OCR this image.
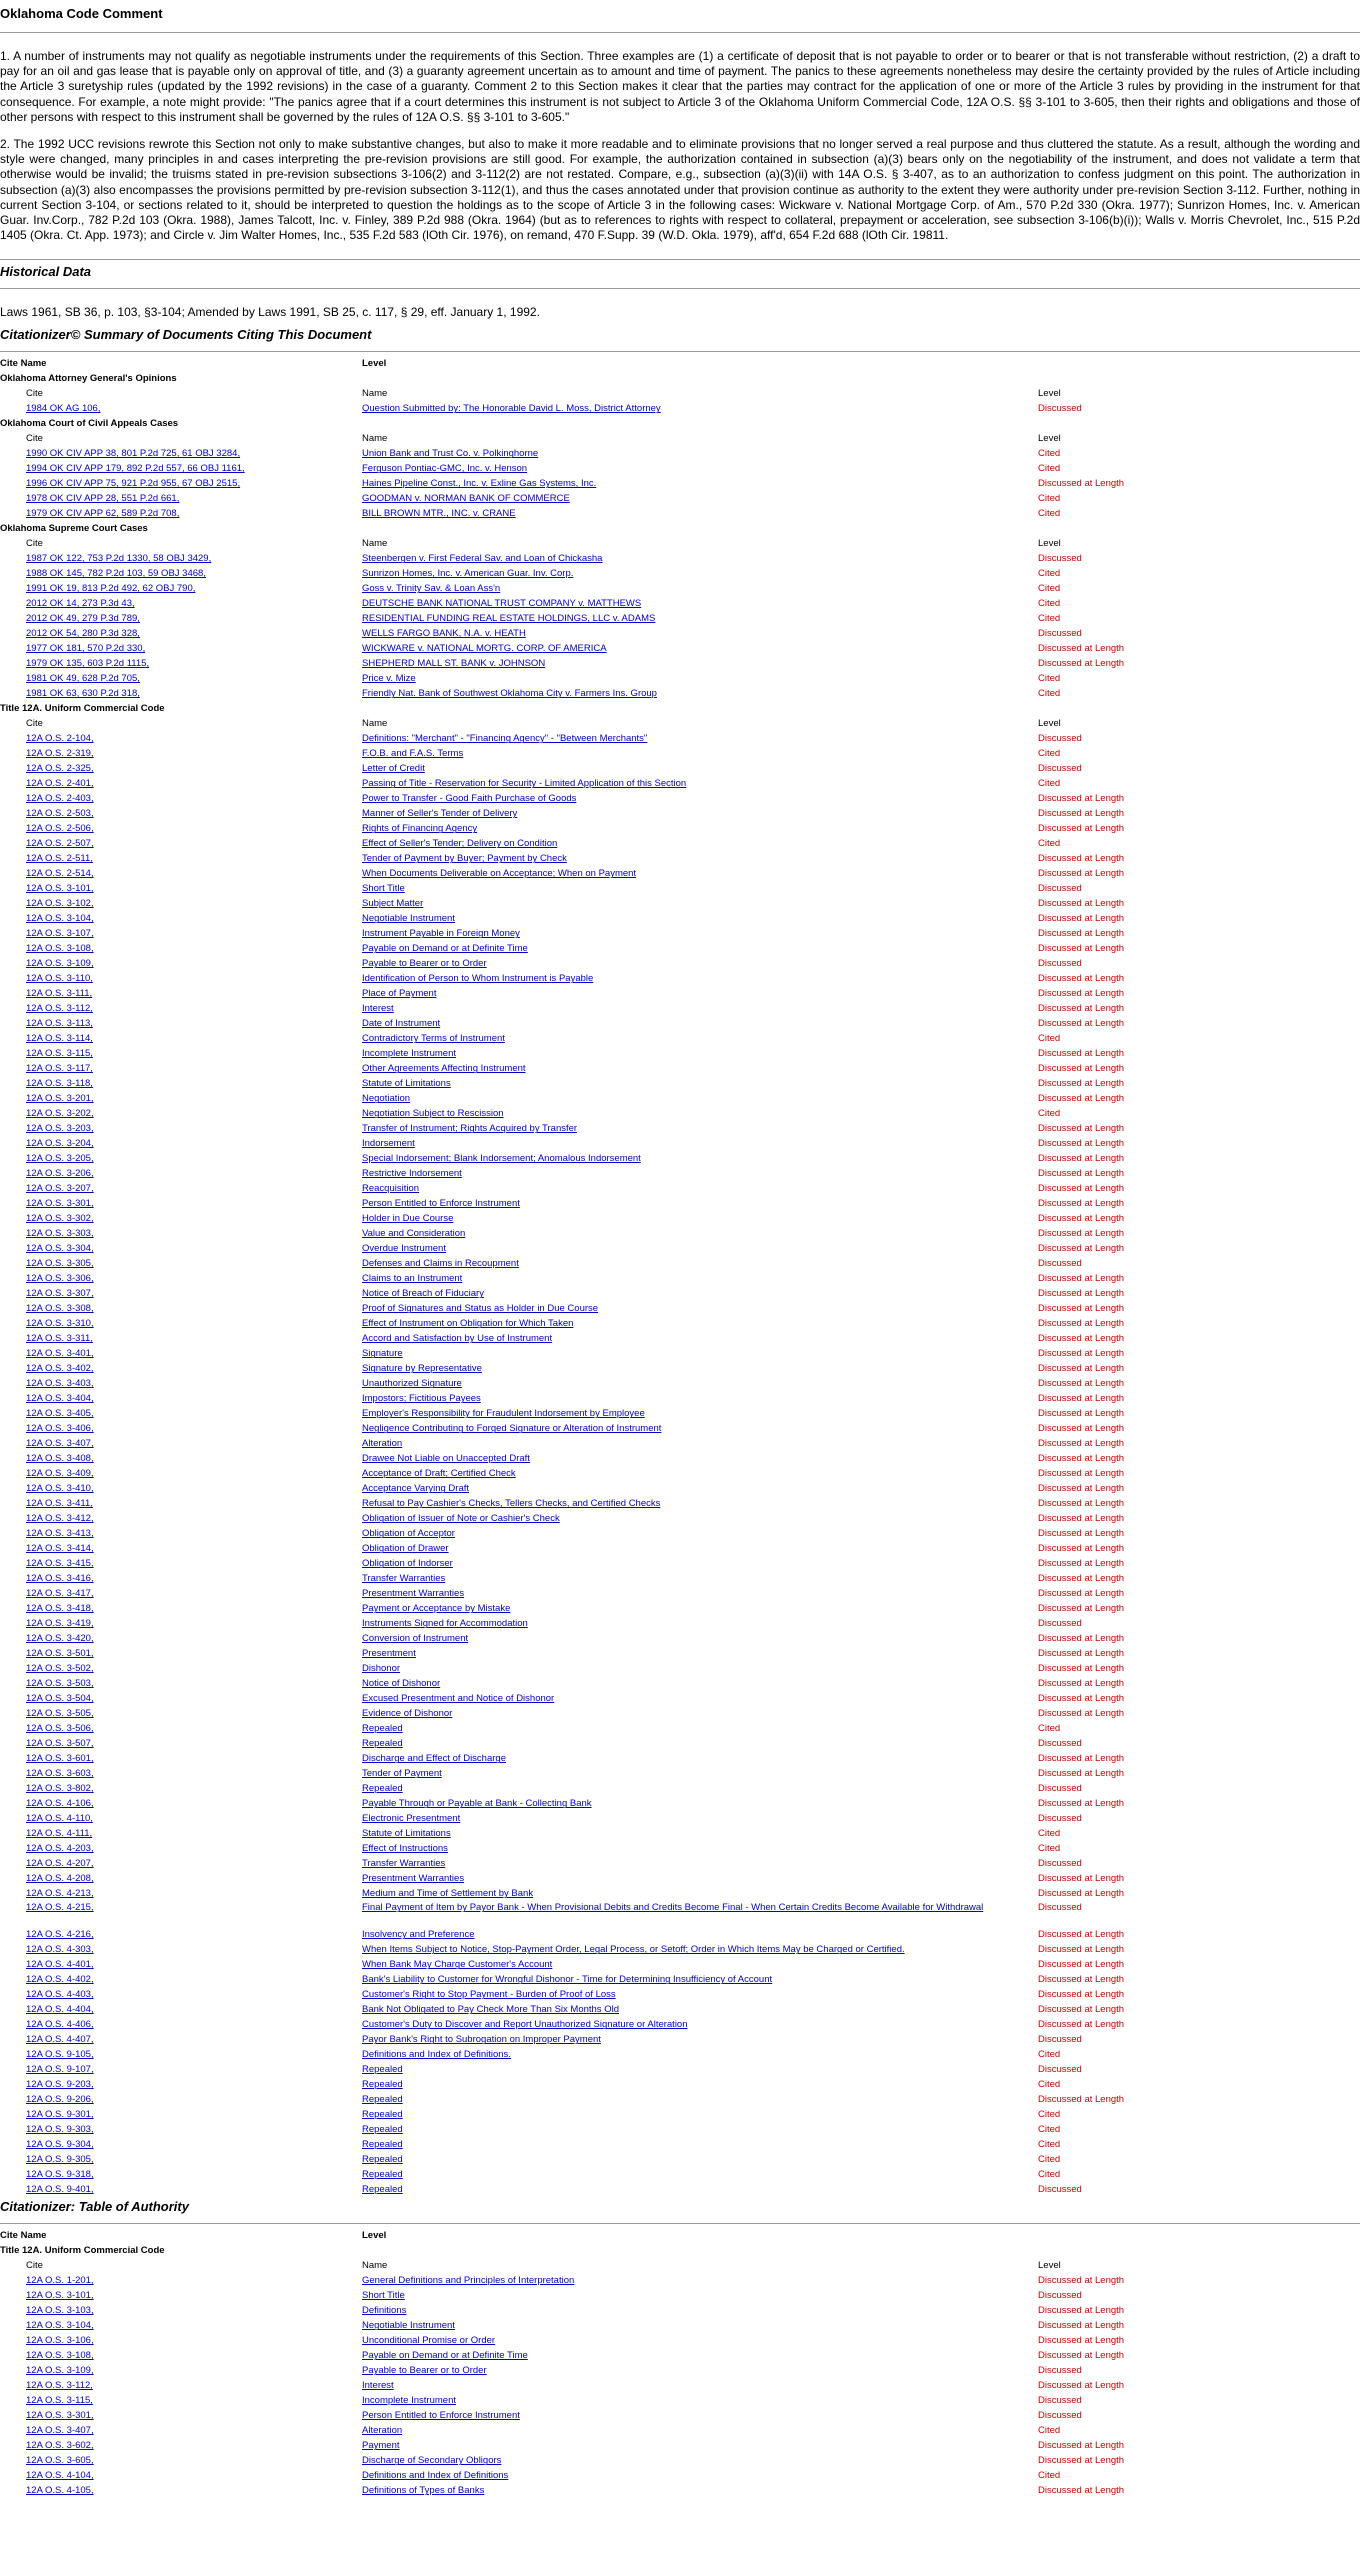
Oklahoma Code Comment

1. A number of instruments may not qualify as negotiable instruments under the requirements of this Section. Three examples are (1) a certificate of deposit that is not payable to order or to bearer or that is not transferable without restriction, (2) a draft to pay for an oil and gas lease that is payable only on approval of title, and (3) a guaranty agreement uncertain as to amount and time of payment. The panics to these agreements nonetheless may desire the certainty provided by the rules of Article including the Article 3 suretyship rules (updated by the 1992 revisions) in the case of a guaranty. Comment 2 to this Section makes it clear that the parties may contract for the application of one or more of the Article 3 rules by providing in the instrument for that consequence. For example, a note might provide: "The panics agree that if a court determines this instrument is not subject to Article 3 of the Oklahoma Uniform Commercial Code, 12A O.S. §§ 3-101 to 3-605, then their rights and obligations and those of other persons with respect to this instrument shall be governed by the rules of 12A O.S. §§ 3-101 to 3-605."

2. The 1992 UCC revisions rewrote this Section not only to make substantive changes, but also to make it more readable and to eliminate provisions that no longer served a real purpose and thus cluttered the statute. As a result, although the wording and style were changed, many principles in and cases interpreting the pre-revision provisions are still good. For example, the authorization contained in subsection (a)(3) bears only on the negotiability of the instrument, and does not validate a term that otherwise would be invalid; the truisms stated in pre-revision subsections 3-106(2) and 3-112(2) are not restated. Compare, e.g., subsection (a)(3)(ii) with 14A O.S. § 3-407, as to an authorization to confess judgment on this point. The authorization in subsection (a)(3) also encompasses the provisions permitted by pre-revision subsection 3-112(1), and thus the cases annotated under that provision continue as authority to the extent they were authority under pre-revision Section 3-112. Further, nothing in current Section 3-104, or sections related to it, should be interpreted to question the holdings as to the scope of Article 3 in the following cases: Wickware v. National Mortgage Corp. of Am., 570 P.2d 330 (Okra. 1977); Sunrizon Homes, Inc. v. American Guar. Inv.Corp., 782 P.2d 103 (Okra. 1988), James Talcott, Inc. v. Finley, 389 P.2d 988 (Okra. 1964) (but as to references to rights with respect to collateral, prepayment or acceleration, see subsection 3-106(b)(i)); Walls v. Morris Chevrolet, Inc., 515 P.2d 1405 (Okra. Ct. App. 1973); and Circle v. Jim Walter Homes, Inc., 535 F.2d 583 (lOth Cir. 1976), on remand, 470 F.Supp. 39 (W.D. Okla. 1979), aff'd, 654 F.2d 688 (lOth Cir. 19811.

Historical Data
Laws 1961, SB 36, p. 103, §3-104; Amended by Laws 1991, SB 25, c. 117, § 29, eff. January 1, 1992.
Citationizer© Summary of Documents Citing This Document
Cite Name	Level
Oklahoma Attorney General's Opinions
Cite	Name	Level
1984 OK AG 106,	Question Submitted by: The Honorable David L. Moss, District Attorney	Discussed
Oklahoma Court of Civil Appeals Cases
Cite	Name	Level
1990 OK CIV APP 38, 801 P.2d 725, 61 OBJ 3284,	Union Bank and Trust Co. v. Polkinghorne	Cited
1994 OK CIV APP 179, 892 P.2d 557, 66 OBJ 1161,	Ferguson Pontiac-GMC, Inc. v. Henson	Cited
1996 OK CIV APP 75, 921 P.2d 955, 67 OBJ 2515,	Haines Pipeline Const., Inc. v. Exline Gas Systems, Inc.	Discussed at Length
1978 OK CIV APP 28, 551 P.2d 661,	GOODMAN v. NORMAN BANK OF COMMERCE	Cited
1979 OK CIV APP 62, 589 P.2d 708,	BILL BROWN MTR., INC. v. CRANE	Cited
Oklahoma Supreme Court Cases
Cite	Name	Level
1987 OK 122, 753 P.2d 1330, 58 OBJ 3429,	Steenbergen v. First Federal Sav. and Loan of Chickasha	Discussed
1988 OK 145, 782 P.2d 103, 59 OBJ 3468,	Sunrizon Homes, Inc. v. American Guar. Inv. Corp.	Cited
1991 OK 19, 813 P.2d 492, 62 OBJ 790,	Goss v. Trinity Sav. & Loan Ass'n	Cited
2012 OK 14, 273 P.3d 43,	DEUTSCHE BANK NATIONAL TRUST COMPANY v. MATTHEWS	Cited
2012 OK 49, 279 P.3d 789,	RESIDENTIAL FUNDING REAL ESTATE HOLDINGS, LLC v. ADAMS	Cited
2012 OK 54, 280 P.3d 328,	WELLS FARGO BANK, N.A. v. HEATH	Discussed
1977 OK 181, 570 P.2d 330,	WICKWARE v. NATIONAL MORTG. CORP. OF AMERICA	Discussed at Length
1979 OK 135, 603 P.2d 1115,	SHEPHERD MALL ST. BANK v. JOHNSON	Discussed at Length
1981 OK 49, 628 P.2d 705,	Price v. Mize	Cited
1981 OK 63, 630 P.2d 318,	Friendly Nat. Bank of Southwest Oklahoma City v. Farmers Ins. Group	Cited
Title 12A. Uniform Commercial Code
Cite	Name	Level
12A O.S. 2-104,	Definitions: "Merchant" - "Financing Agency" - "Between Merchants"	Discussed
12A O.S. 2-319,	F.O.B. and F.A.S. Terms	Cited
12A O.S. 2-325,	Letter of Credit	Discussed
12A O.S. 2-401,	Passing of Title - Reservation for Security - Limited Application of this Section	Cited
12A O.S. 2-403,	Power to Transfer - Good Faith Purchase of Goods	Discussed at Length
12A O.S. 2-503,	Manner of Seller's Tender of Delivery	Discussed at Length
12A O.S. 2-506,	Rights of Financing Agency	Discussed at Length
12A O.S. 2-507,	Effect of Seller's Tender; Delivery on Condition	Cited
12A O.S. 2-511,	Tender of Payment by Buyer; Payment by Check	Discussed at Length
12A O.S. 2-514,	When Documents Deliverable on Acceptance; When on Payment	Discussed at Length
12A O.S. 3-101,	Short Title	Discussed
12A O.S. 3-102,	Subject Matter	Discussed at Length
12A O.S. 3-104,	Negotiable Instrument	Discussed at Length
12A O.S. 3-107,	Instrument Payable in Foreign Money	Discussed at Length
12A O.S. 3-108,	Payable on Demand or at Definite Time	Discussed at Length
12A O.S. 3-109,	Payable to Bearer or to Order	Discussed
12A O.S. 3-110,	Identification of Person to Whom Instrument is Payable	Discussed at Length
12A O.S. 3-111,	Place of Payment	Discussed at Length
12A O.S. 3-112,	Interest	Discussed at Length
12A O.S. 3-113,	Date of Instrument	Discussed at Length
12A O.S. 3-114,	Contradictory Terms of Instrument	Cited
12A O.S. 3-115,	Incomplete Instrument	Discussed at Length
12A O.S. 3-117,	Other Agreements Affecting Instrument	Discussed at Length
12A O.S. 3-118,	Statute of Limitations	Discussed at Length
12A O.S. 3-201,	Negotiation	Discussed at Length
12A O.S. 3-202,	Negotiation Subject to Rescission	Cited
12A O.S. 3-203,	Transfer of Instrument; Rights Acquired by Transfer	Discussed at Length
12A O.S. 3-204,	Indorsement	Discussed at Length
12A O.S. 3-205,	Special Indorsement; Blank Indorsement; Anomalous Indorsement	Discussed at Length
12A O.S. 3-206,	Restrictive Indorsement	Discussed at Length
12A O.S. 3-207,	Reacquisition	Discussed at Length
12A O.S. 3-301,	Person Entitled to Enforce Instrument	Discussed at Length
12A O.S. 3-302,	Holder in Due Course	Discussed at Length
12A O.S. 3-303,	Value and Consideration	Discussed at Length
12A O.S. 3-304,	Overdue Instrument	Discussed at Length
12A O.S. 3-305,	Defenses and Claims in Recoupment	Discussed
12A O.S. 3-306,	Claims to an Instrument	Discussed at Length
12A O.S. 3-307,	Notice of Breach of Fiduciary	Discussed at Length
12A O.S. 3-308,	Proof of Signatures and Status as Holder in Due Course	Discussed at Length
12A O.S. 3-310,	Effect of Instrument on Obligation for Which Taken	Discussed at Length
12A O.S. 3-311,	Accord and Satisfaction by Use of Instrument	Discussed at Length
12A O.S. 3-401,	Signature	Discussed at Length
12A O.S. 3-402,	Signature by Representative	Discussed at Length
12A O.S. 3-403,	Unauthorized Signature	Discussed at Length
12A O.S. 3-404,	Impostors; Fictitious Payees	Discussed at Length
12A O.S. 3-405,	Employer's Responsibility for Fraudulent Indorsement by Employee	Discussed at Length
12A O.S. 3-406,	Negligence Contributing to Forged Signature or Alteration of Instrument	Discussed at Length
12A O.S. 3-407,	Alteration	Discussed at Length
12A O.S. 3-408,	Drawee Not Liable on Unaccepted Draft	Discussed at Length
12A O.S. 3-409,	Acceptance of Draft; Certified Check	Discussed at Length
12A O.S. 3-410,	Acceptance Varying Draft	Discussed at Length
12A O.S. 3-411,	Refusal to Pay Cashier's Checks, Tellers Checks, and Certified Checks	Discussed at Length
12A O.S. 3-412,	Obligation of Issuer of Note or Cashier's Check	Discussed at Length
12A O.S. 3-413,	Obligation of Acceptor	Discussed at Length
12A O.S. 3-414,	Obligation of Drawer	Discussed at Length
12A O.S. 3-415,	Obligation of Indorser	Discussed at Length
12A O.S. 3-416,	Transfer Warranties	Discussed at Length
12A O.S. 3-417,	Presentment Warranties	Discussed at Length
12A O.S. 3-418,	Payment or Acceptance by Mistake	Discussed at Length
12A O.S. 3-419,	Instruments Signed for Accommodation	Discussed
12A O.S. 3-420,	Conversion of Instrument	Discussed at Length
12A O.S. 3-501,	Presentment	Discussed at Length
12A O.S. 3-502,	Dishonor	Discussed at Length
12A O.S. 3-503,	Notice of Dishonor	Discussed at Length
12A O.S. 3-504,	Excused Presentment and Notice of Dishonor	Discussed at Length
12A O.S. 3-505,	Evidence of Dishonor	Discussed at Length
12A O.S. 3-506,	Repealed	Cited
12A O.S. 3-507,	Repealed	Discussed
12A O.S. 3-601,	Discharge and Effect of Discharge	Discussed at Length
12A O.S. 3-603,	Tender of Payment	Discussed at Length
12A O.S. 3-802,	Repealed	Discussed
12A O.S. 4-106,	Payable Through or Payable at Bank - Collecting Bank	Discussed at Length
12A O.S. 4-110,	Electronic Presentment	Discussed
12A O.S. 4-111,	Statute of Limitations	Cited
12A O.S. 4-203,	Effect of Instructions	Cited
12A O.S. 4-207,	Transfer Warranties	Discussed
12A O.S. 4-208,	Presentment Warranties	Discussed at Length
12A O.S. 4-213,	Medium and Time of Settlement by Bank	Discussed at Length
12A O.S. 4-215,	Final Payment of Item by Payor Bank - When Provisional Debits and Credits Become Final - When Certain Credits Become Available for Withdrawal	Discussed
12A O.S. 4-216,	Insolvency and Preference	Discussed at Length
12A O.S. 4-303,	When Items Subject to Notice, Stop-Payment Order, Legal Process, or Setoff; Order in Which Items May be Charged or Certified.	Discussed at Length
12A O.S. 4-401,	When Bank May Charge Customer's Account	Discussed at Length
12A O.S. 4-402,	Bank's Liability to Customer for Wrongful Dishonor - Time for Determining Insufficiency of Account	Discussed at Length
12A O.S. 4-403,	Customer's Right to Stop Payment - Burden of Proof of Loss	Discussed at Length
12A O.S. 4-404,	Bank Not Obligated to Pay Check More Than Six Months Old	Discussed at Length
12A O.S. 4-406,	Customer's Duty to Discover and Report Unauthorized Signature or Alteration	Discussed at Length
12A O.S. 4-407,	Payor Bank's Right to Subrogation on Improper Payment	Discussed
12A O.S. 9-105,	Definitions and Index of Definitions.	Cited
12A O.S. 9-107,	Repealed	Discussed
12A O.S. 9-203,	Repealed	Cited
12A O.S. 9-206,	Repealed	Discussed at Length
12A O.S. 9-301,	Repealed	Cited
12A O.S. 9-303,	Repealed	Cited
12A O.S. 9-304,	Repealed	Cited
12A O.S. 9-305,	Repealed	Cited
12A O.S. 9-318,	Repealed	Cited
12A O.S. 9-401,	Repealed	Discussed
Citationizer: Table of Authority
Cite Name	Level
Title 12A. Uniform Commercial Code
Cite	Name	Level
12A O.S. 1-201,	General Definitions and Principles of Interpretation	Discussed at Length
12A O.S. 3-101,	Short Title	Discussed
12A O.S. 3-103,	Definitions	Discussed at Length
12A O.S. 3-104,	Negotiable Instrument	Discussed at Length
12A O.S. 3-106,	Unconditional Promise or Order	Discussed at Length
12A O.S. 3-108,	Payable on Demand or at Definite Time	Discussed at Length
12A O.S. 3-109,	Payable to Bearer or to Order	Discussed
12A O.S. 3-112,	Interest	Discussed at Length
12A O.S. 3-115,	Incomplete Instrument	Discussed
12A O.S. 3-301,	Person Entitled to Enforce Instrument	Discussed
12A O.S. 3-407,	Alteration	Cited
12A O.S. 3-602,	Payment	Discussed at Length
12A O.S. 3-605,	Discharge of Secondary Obligors	Discussed at Length
12A O.S. 4-104,	Definitions and Index of Definitions	Cited
12A O.S. 4-105,	Definitions of Types of Banks	Discussed at Length
